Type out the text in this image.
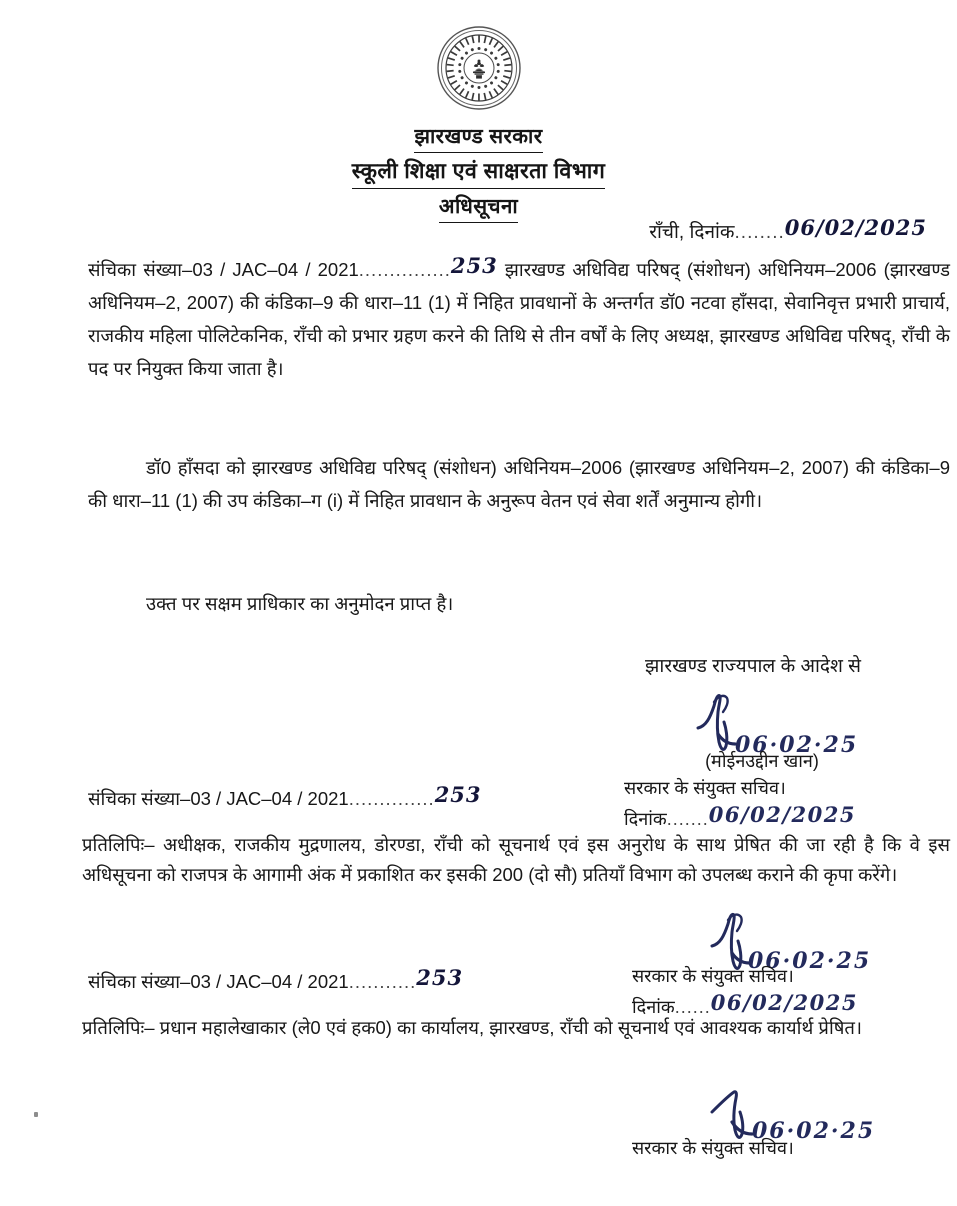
झारखण्ड सरकार
स्कूली शिक्षा एवं साक्षरता विभाग
अधिसूचना
राँची, दिनांक........06/02/2025
संचिका संख्या–03 / JAC–04 / 2021...............253 झारखण्ड अधिविद्य परिषद् (संशोधन) अधिनियम–2006 (झारखण्ड अधिनियम–2, 2007) की कंडिका–9 की धारा–11 (1) में निहित प्रावधानों के अन्तर्गत डॉ0 नटवा हाँसदा, सेवानिवृत्त प्रभारी प्राचार्य, राजकीय महिला पोलिटेकनिक, राँची को प्रभार ग्रहण करने की तिथि से तीन वर्षों के लिए अध्यक्ष, झारखण्ड अधिविद्य परिषद्, राँची के पद पर नियुक्त किया जाता है।
डॉ0 हाँसदा को झारखण्ड अधिविद्य परिषद् (संशोधन) अधिनियम–2006 (झारखण्ड अधिनियम–2, 2007) की कंडिका–9 की धारा–11 (1) की उप कंडिका–ग (i) में निहित प्रावधान के अनुरूप वेतन एवं सेवा शर्तें अनुमान्य होगी।
उक्त पर सक्षम प्राधिकार का अनुमोदन प्राप्त है।
झारखण्ड राज्यपाल के आदेश से
06·02·25
(मोईनउद्दीन खान)
सरकार के संयुक्त सचिव।
दिनांक.......06/02/2025
संचिका संख्या–03 / JAC–04 / 2021..............253
प्रतिलिपिः– अधीक्षक, राजकीय मुद्रणालय, डोरण्डा, राँची को सूचनार्थ एवं इस अनुरोध के साथ प्रेषित की जा रही है कि वे इस अधिसूचना को राजपत्र के आगामी अंक में प्रकाशित कर इसकी 200 (दो सौ) प्रतियाँ विभाग को उपलब्ध कराने की कृपा करेंगे।
06·02·25
सरकार के संयुक्त सचिव।
दिनांक......06/02/2025
संचिका संख्या–03 / JAC–04 / 2021...........253
प्रतिलिपिः– प्रधान महालेखाकार (ले0 एवं हक0) का कार्यालय, झारखण्ड, राँची को सूचनार्थ एवं आवश्यक कार्यार्थ प्रेषित।
06·02·25
सरकार के संयुक्त सचिव।
